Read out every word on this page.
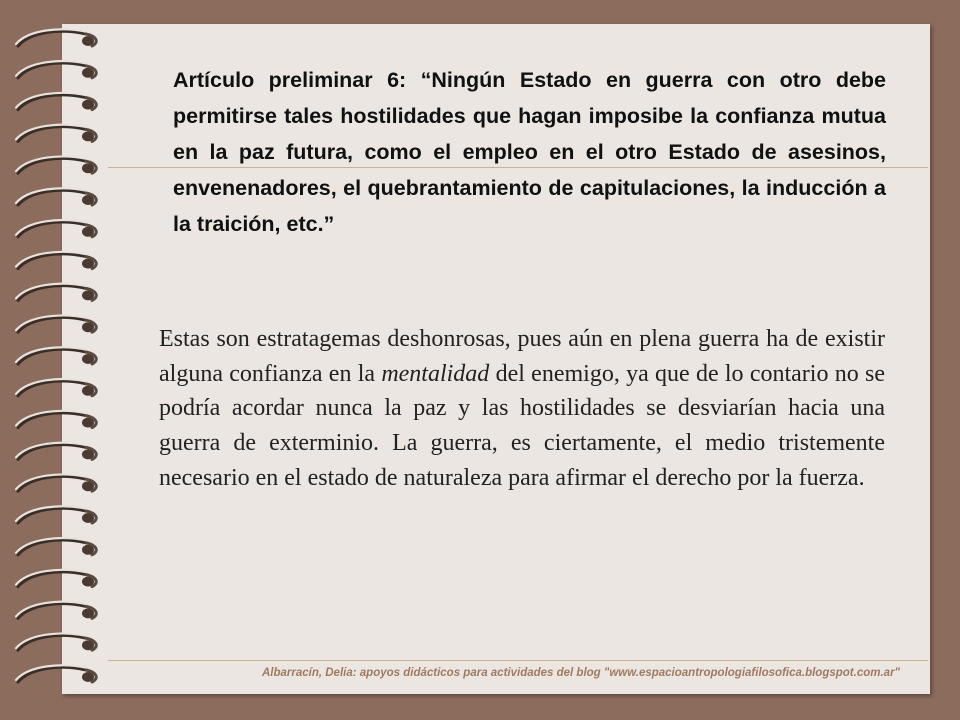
Artículo preliminar 6: “Ningún Estado en guerra con otro debe permitirse tales hostilidades que hagan imposibe la confianza mutua en la paz futura, como el empleo en el otro Estado de asesinos, envenenadores, el quebrantamiento de capitulaciones, la inducción a la traición, etc.”

Estas son estratagemas deshonrosas, pues aún en plena guerra ha de existir alguna confianza en la mentalidad del enemigo, ya que de lo contario no se podría acordar nunca la paz y las hostilidades se desviarían hacia una guerra de exterminio. La guerra, es ciertamente, el medio tristemente necesario en el estado de naturaleza para afirmar el derecho por la fuerza.

Albarracín, Delia: apoyos didácticos para actividades del blog "www.espacioantropologiafilosofica.blogspot.com.ar"
